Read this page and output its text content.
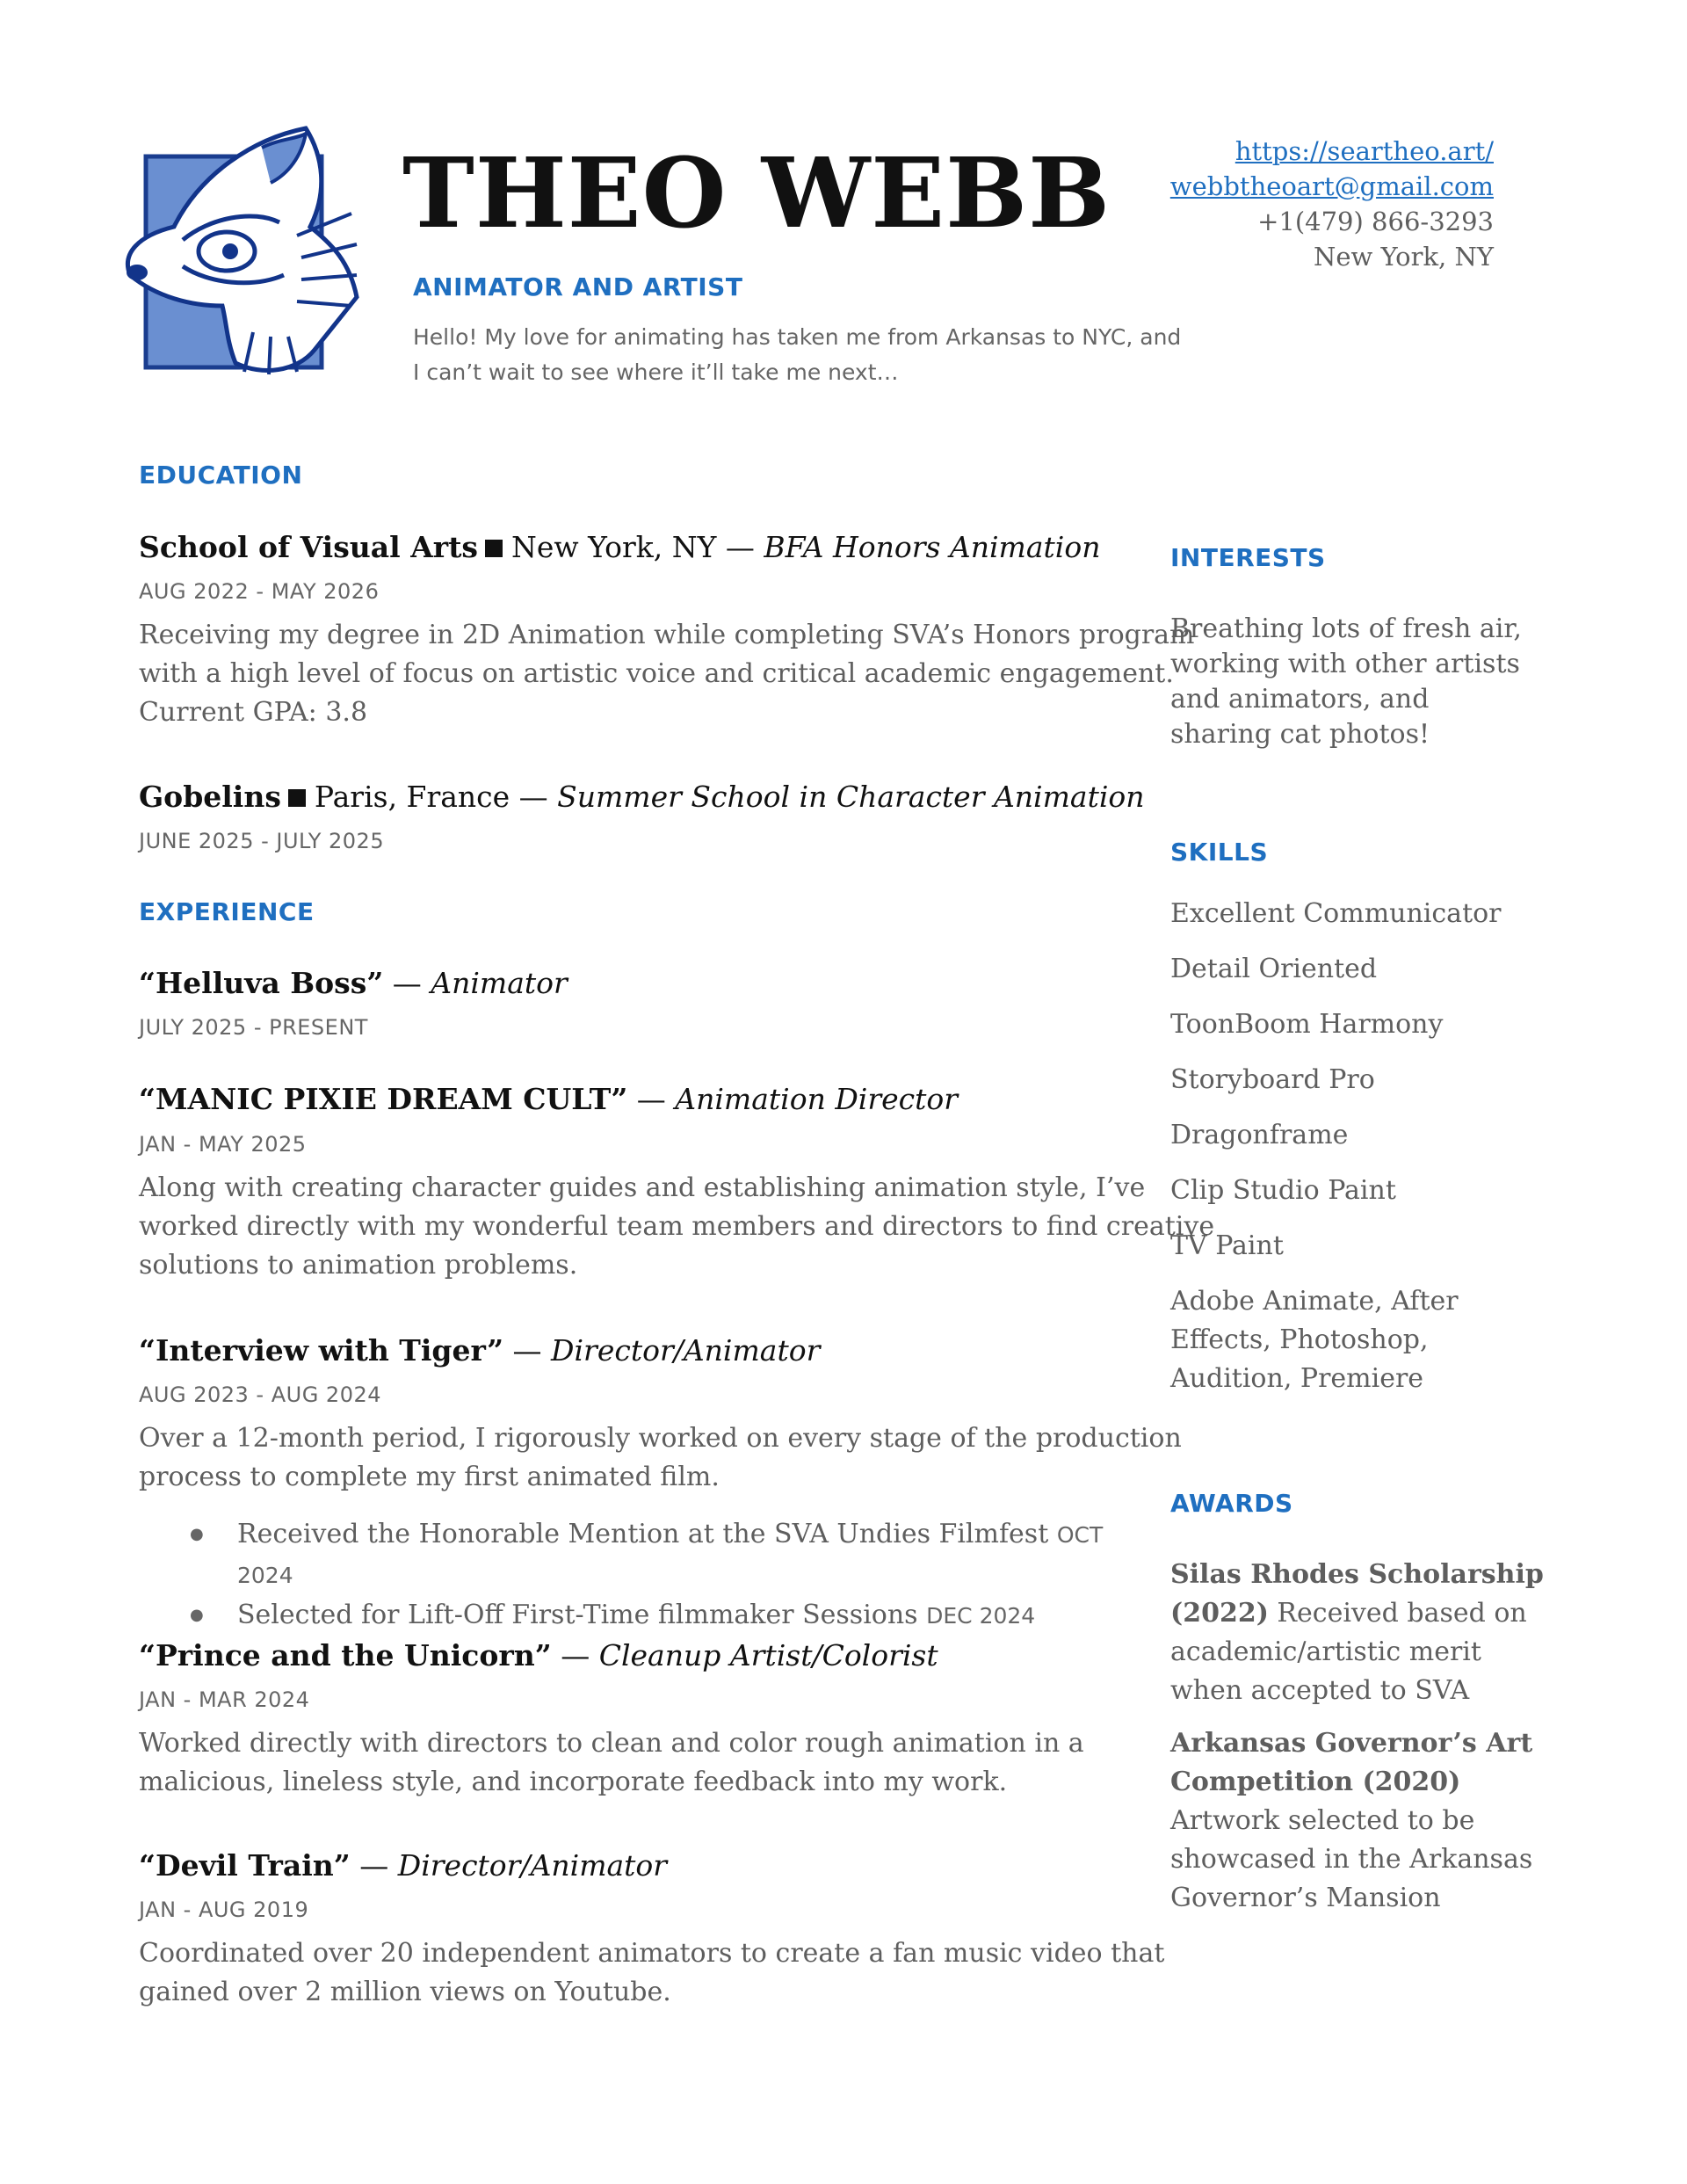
THEO WEBB
ANIMATOR AND ARTIST
Hello! My love for animating has taken me from Arkansas to NYC, and
I can’t wait to see where it’ll take me next…
https://seartheo.art/
webbtheoart@gmail.com
+1(479) 866-3293
New York, NY
EDUCATION
School of Visual Arts New York, NY — BFA Honors Animation
AUG 2022 - MAY 2026
Receiving my degree in 2D Animation while completing SVA’s Honors program
with a high level of focus on artistic voice and critical academic engagement.
Current GPA: 3.8
Gobelins Paris, France — Summer School in Character Animation
JUNE 2025 - JULY 2025
EXPERIENCE
“Helluva Boss” — Animator
JULY 2025 - PRESENT
“MANIC PIXIE DREAM CULT” — Animation Director
JAN - MAY 2025
Along with creating character guides and establishing animation style, I’ve
worked directly with my wonderful team members and directors to find creative
solutions to animation problems.
“Interview with Tiger” — Director/Animator
AUG 2023 - AUG 2024
Over a 12-month period, I rigorously worked on every stage of the production
process to complete my first animated film.
● Received the Honorable Mention at the SVA Undies Filmfest OCT 2024
● Selected for Lift-Off First-Time filmmaker Sessions DEC 2024
“Prince and the Unicorn” — Cleanup Artist/Colorist
JAN - MAR 2024
Worked directly with directors to clean and color rough animation in a
malicious, lineless style, and incorporate feedback into my work.
“Devil Train” — Director/Animator
JAN - AUG 2019
Coordinated over 20 independent animators to create a fan music video that
gained over 2 million views on Youtube.
INTERESTS
Breathing lots of fresh air,
working with other artists
and animators, and
sharing cat photos!
SKILLS
Excellent Communicator
Detail Oriented
ToonBoom Harmony
Storyboard Pro
Dragonframe
Clip Studio Paint
TV Paint
Adobe Animate, After
Effects, Photoshop,
Audition, Premiere
AWARDS
Silas Rhodes Scholarship
(2022) Received based on
academic/artistic merit
when accepted to SVA
Arkansas Governor’s Art
Competition (2020)
Artwork selected to be
showcased in the Arkansas
Governor’s Mansion
